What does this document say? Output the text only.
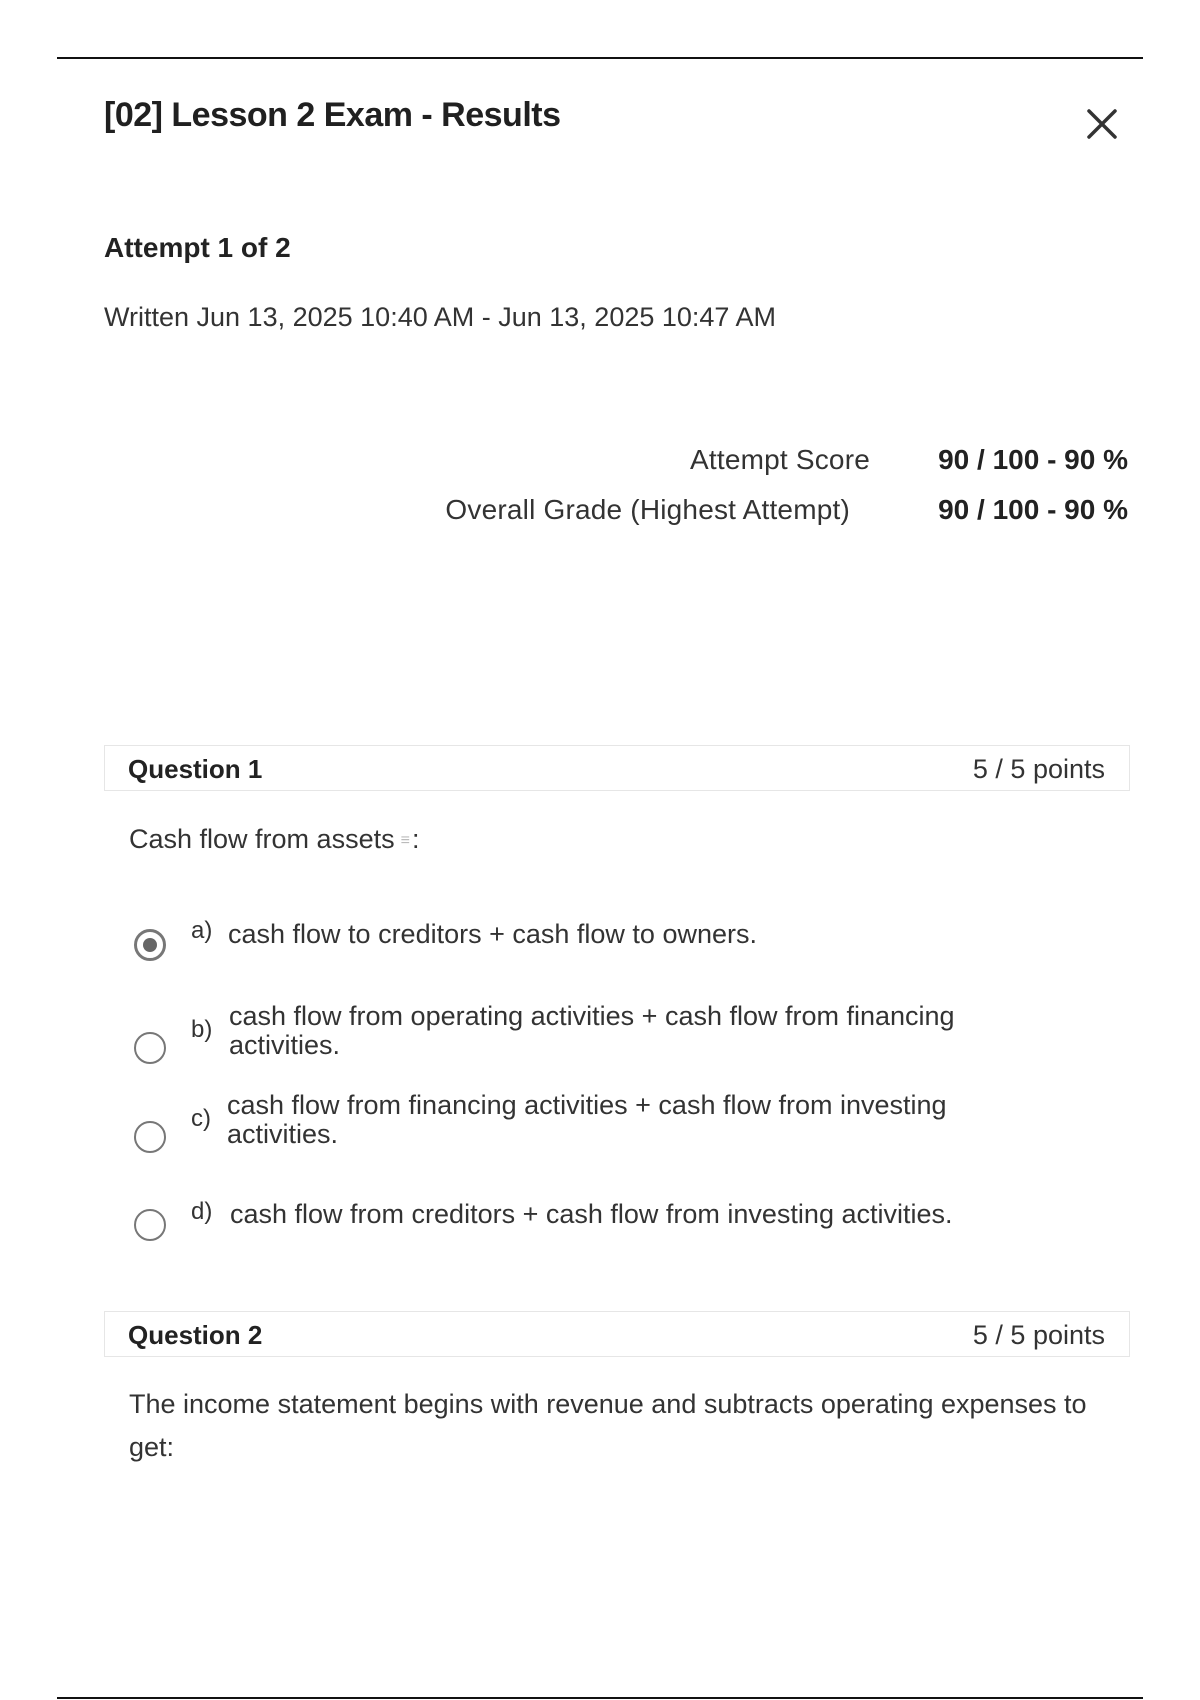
[02] Lesson 2 Exam - Results
Attempt 1 of 2
Written Jun 13, 2025 10:40 AM - Jun 13, 2025 10:47 AM
Attempt Score	90 / 100 - 90 %
Overall Grade (Highest Attempt)	90 / 100 - 90 %
Question 1	5 / 5 points
Cash flow from assets ≡:
a) cash flow to creditors + cash flow to owners.
b) cash flow from operating activities + cash flow from financing activities.
c) cash flow from financing activities + cash flow from investing activities.
d) cash flow from creditors + cash flow from investing activities.
Question 2	5 / 5 points
The income statement begins with revenue and subtracts operating expenses to get:
